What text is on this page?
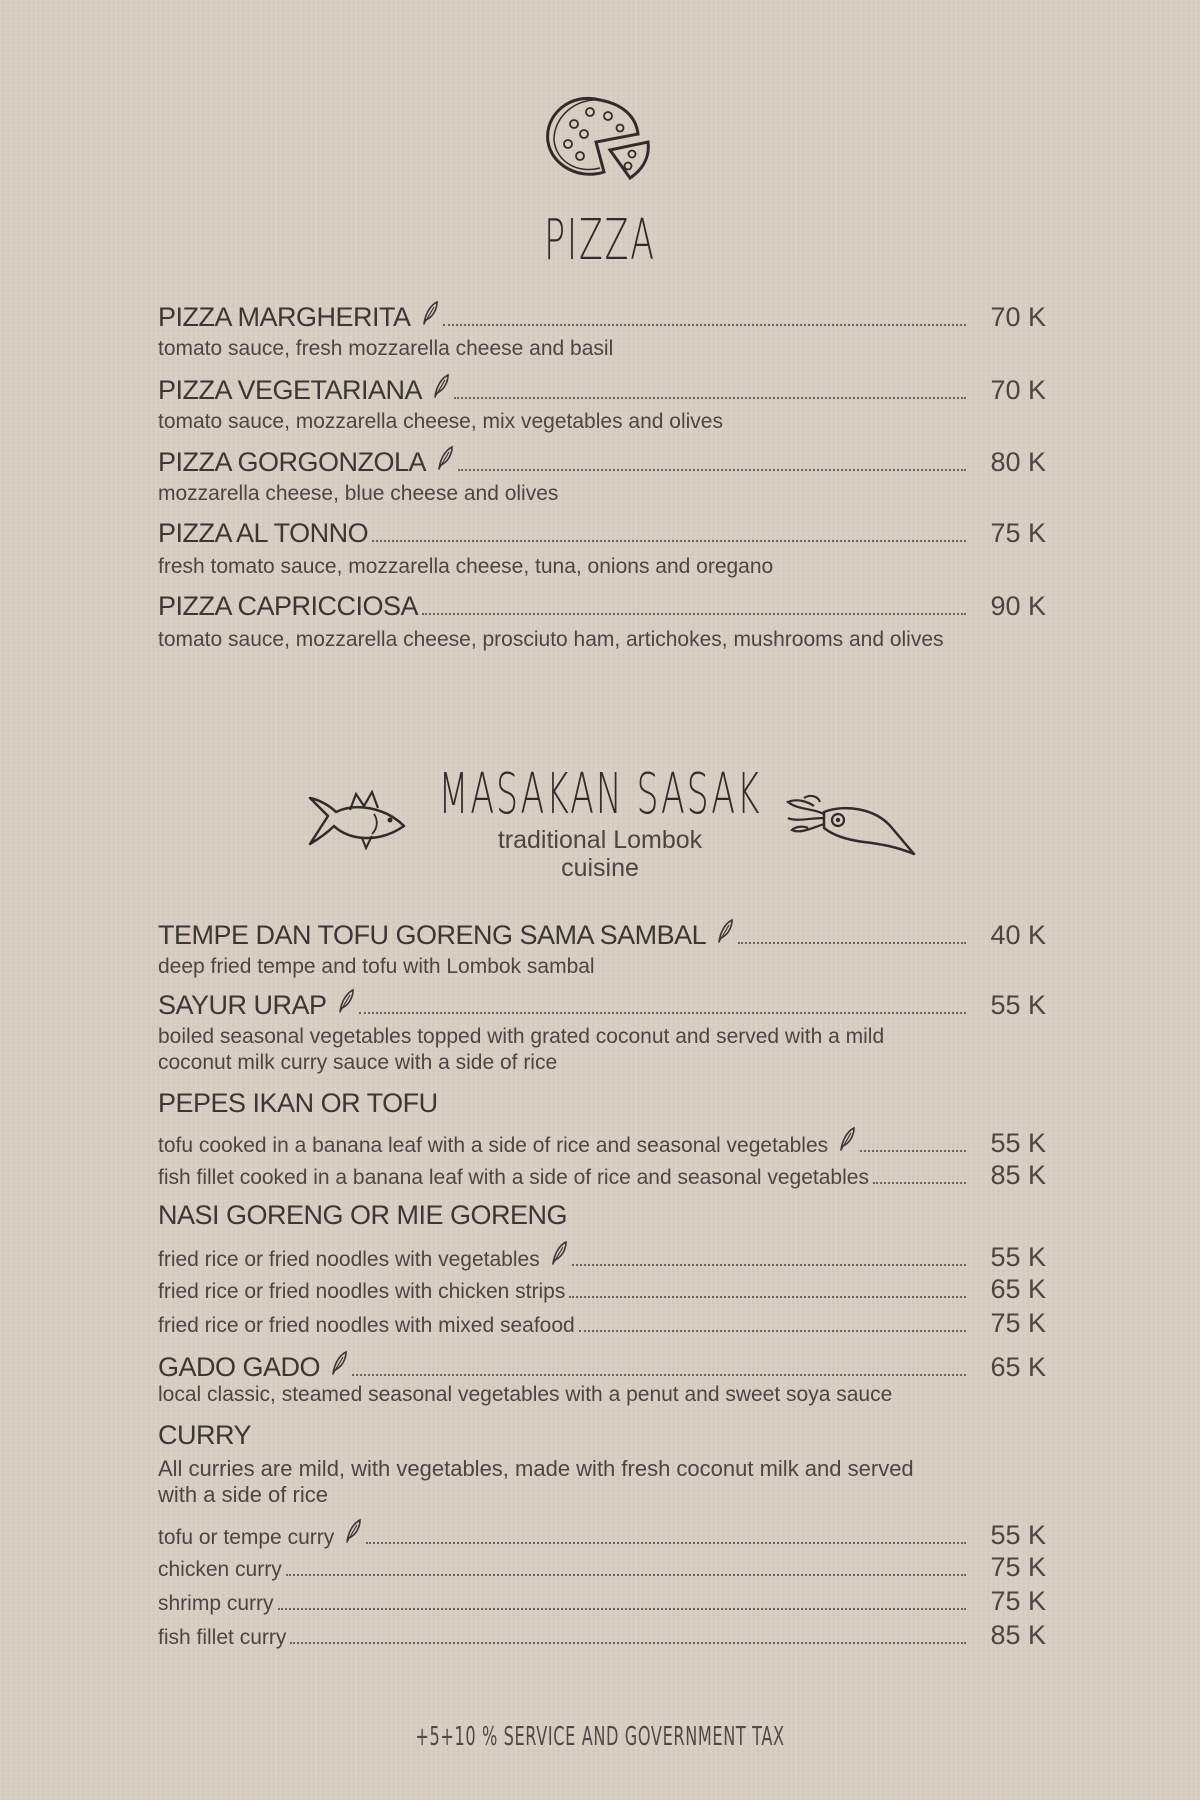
PIZZA
PIZZA MARGHERITA	70 K
tomato sauce, fresh mozzarella cheese and basil
PIZZA VEGETARIANA	70 K
tomato sauce, mozzarella cheese, mix vegetables and olives
PIZZA GORGONZOLA	80 K
mozzarella cheese, blue cheese and olives
PIZZA AL TONNO	75 K
fresh tomato sauce, mozzarella cheese, tuna, onions and oregano
PIZZA CAPRICCIOSA	90 K
tomato sauce, mozzarella cheese, prosciuto ham, artichokes, mushrooms and olives
MASAKAN SASAK
traditional Lombok
cuisine
TEMPE DAN TOFU GORENG SAMA SAMBAL	40 K
deep fried tempe and tofu with Lombok sambal
SAYUR URAP	55 K
boiled seasonal vegetables topped with grated coconut and served with a mild
coconut milk curry sauce with a side of rice
PEPES IKAN OR TOFU
tofu cooked in a banana leaf with a side of rice and seasonal vegetables	55 K
fish fillet cooked in a banana leaf with a side of rice and seasonal vegetables	85 K
NASI GORENG OR MIE GORENG
fried rice or fried noodles with vegetables	55 K
fried rice or fried noodles with chicken strips	65 K
fried rice or fried noodles with mixed seafood	75 K
GADO GADO	65 K
local classic, steamed seasonal vegetables with a penut and sweet soya sauce
CURRY
All curries are mild, with vegetables, made with fresh coconut milk and served
with a side of rice
tofu or tempe curry	55 K
chicken curry	75 K
shrimp curry	75 K
fish fillet curry	85 K
+5+10 % SERVICE AND GOVERNMENT TAX
